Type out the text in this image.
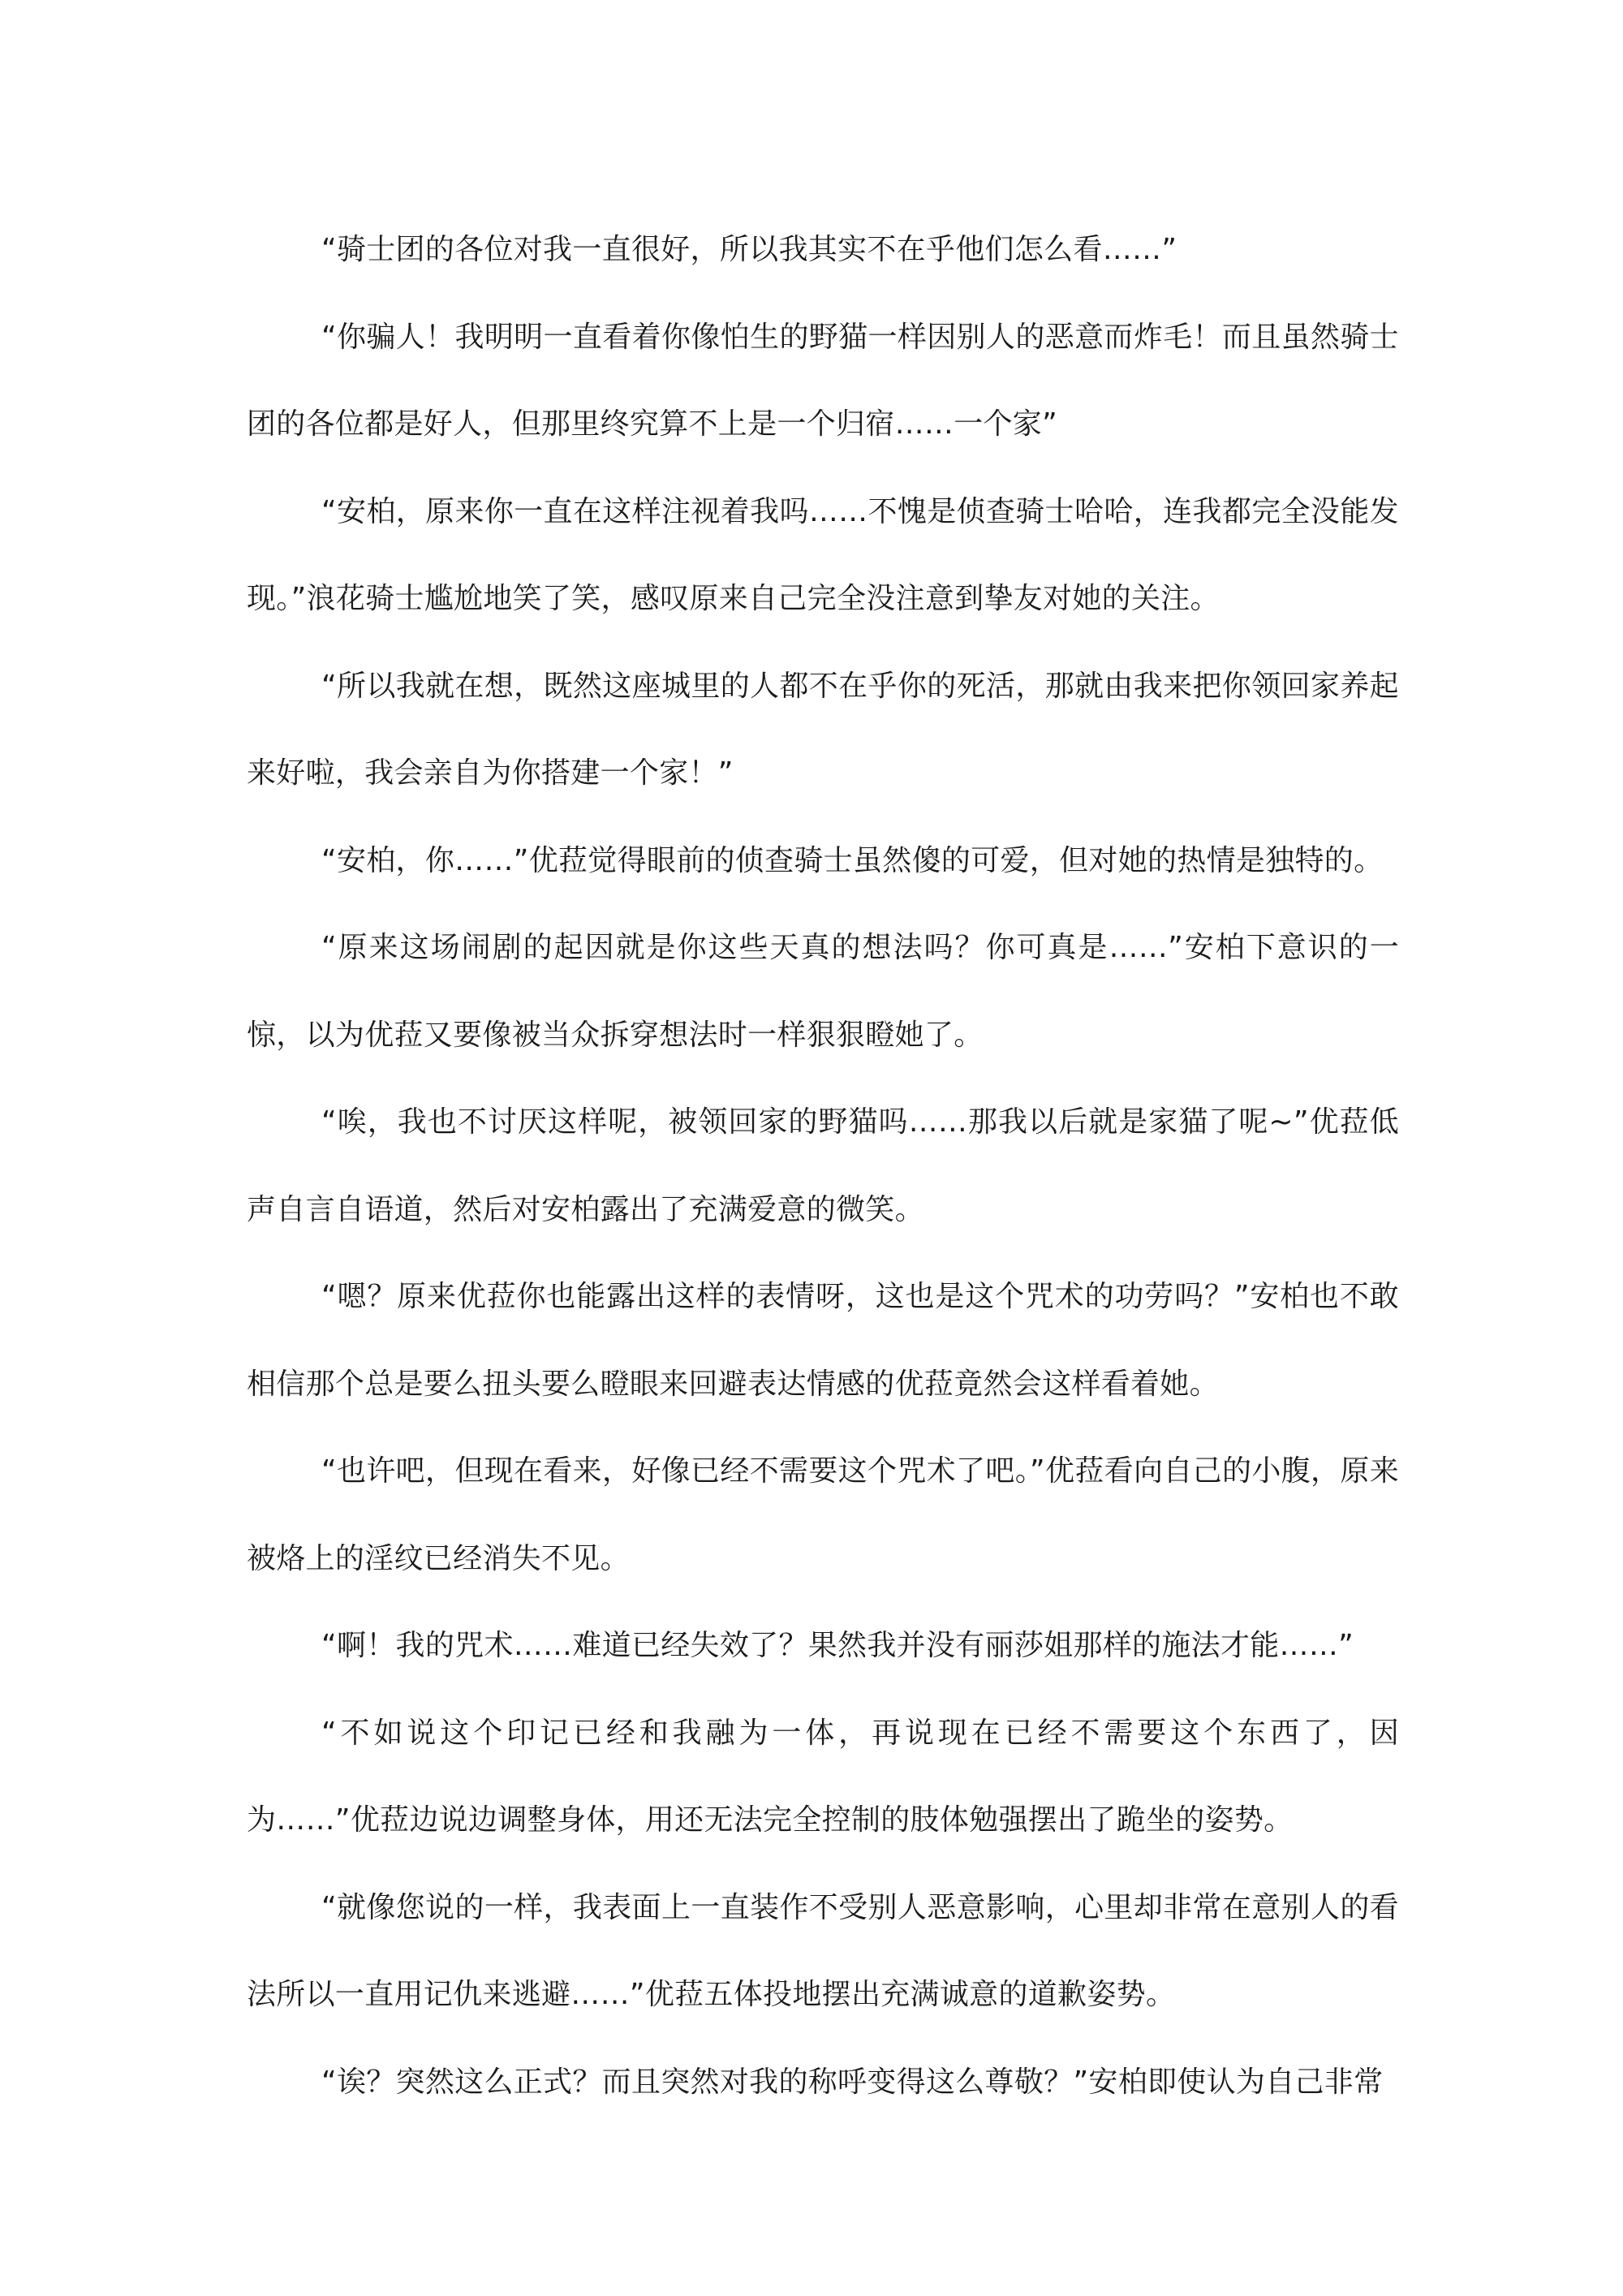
“骑士团的各位对我一直很好，所以我其实不在乎他们怎么看……”

“你骗人！我明明一直看着你像怕生的野猫一样因别人的恶意而炸毛！而且虽然骑士团的各位都是好人，但那里终究算不上是一个归宿……一个家”

“安柏，原来你一直在这样注视着我吗……不愧是侦查骑士哈哈，连我都完全没能发现。”浪花骑士尴尬地笑了笑，感叹原来自己完全没注意到挚友对她的关注。

“所以我就在想，既然这座城里的人都不在乎你的死活，那就由我来把你领回家养起来好啦，我会亲自为你搭建一个家！”

“安柏，你……”优菈觉得眼前的侦查骑士虽然傻的可爱，但对她的热情是独特的。

“原来这场闹剧的起因就是你这些天真的想法吗？你可真是……”安柏下意识的一惊，以为优菈又要像被当众拆穿想法时一样狠狠瞪她了。

“唉，我也不讨厌这样呢，被领回家的野猫吗……那我以后就是家猫了呢~”优菈低声自言自语道，然后对安柏露出了充满爱意的微笑。

“嗯？原来优菈你也能露出这样的表情呀，这也是这个咒术的功劳吗？”安柏也不敢相信那个总是要么扭头要么瞪眼来回避表达情感的优菈竟然会这样看着她。

“也许吧，但现在看来，好像已经不需要这个咒术了吧。”优菈看向自己的小腹，原来被烙上的淫纹已经消失不见。

“啊！我的咒术……难道已经失效了？果然我并没有丽莎姐那样的施法才能……”

“不如说这个印记已经和我融为一体，再说现在已经不需要这个东西了，因为……”优菈边说边调整身体，用还无法完全控制的肢体勉强摆出了跪坐的姿势。

“就像您说的一样，我表面上一直装作不受别人恶意影响，心里却非常在意别人的看法所以一直用记仇来逃避……”优菈五体投地摆出充满诚意的道歉姿势。

“诶？突然这么正式？而且突然对我的称呼变得这么尊敬？”安柏即使认为自己非常
